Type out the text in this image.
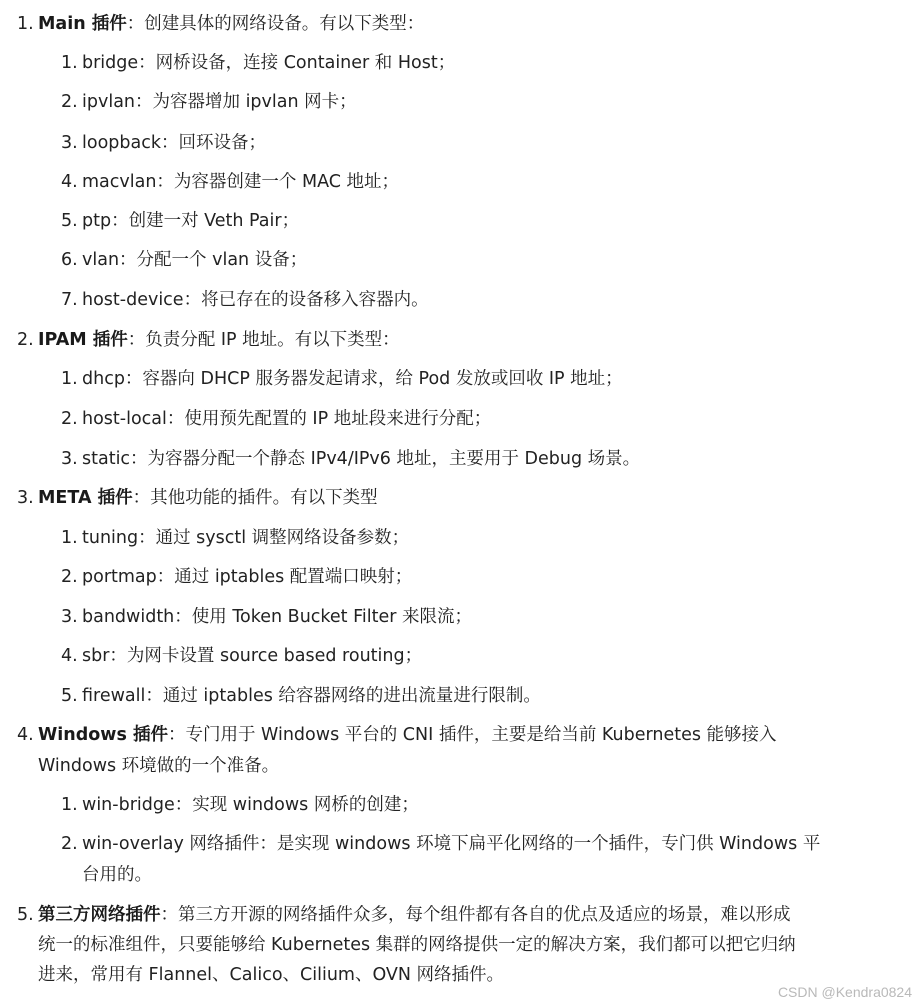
1. Main 插件：创建具体的网络设备。有以下类型：
1. bridge：网桥设备，连接 Container 和 Host；
2. ipvlan：为容器增加 ipvlan 网卡；
3. loopback：回环设备；
4. macvlan：为容器创建一个 MAC 地址；
5. ptp：创建一对 Veth Pair；
6. vlan：分配一个 vlan 设备；
7. host-device：将已存在的设备移入容器内。
2. IPAM 插件：负责分配 IP 地址。有以下类型：
1. dhcp：容器向 DHCP 服务器发起请求，给 Pod 发放或回收 IP 地址；
2. host-local：使用预先配置的 IP 地址段来进行分配；
3. static：为容器分配一个静态 IPv4/IPv6 地址，主要用于 Debug 场景。
3. META 插件：其他功能的插件。有以下类型
1. tuning：通过 sysctl 调整网络设备参数；
2. portmap：通过 iptables 配置端口映射；
3. bandwidth：使用 Token Bucket Filter 来限流；
4. sbr：为网卡设置 source based routing；
5. firewall：通过 iptables 给容器网络的进出流量进行限制。
4. Windows 插件：专门用于 Windows 平台的 CNI 插件，主要是给当前 Kubernetes 能够接入
Windows 环境做的一个准备。
1. win-bridge：实现 windows 网桥的创建；
2. win-overlay 网络插件：是实现 windows 环境下扁平化网络的一个插件，专门供 Windows 平
台用的。
5. 第三方网络插件：第三方开源的网络插件众多，每个组件都有各自的优点及适应的场景，难以形成
统一的标准组件，只要能够给 Kubernetes 集群的网络提供一定的解决方案，我们都可以把它归纳
进来，常用有 Flannel、Calico、Cilium、OVN 网络插件。
CSDN @Kendra0824
